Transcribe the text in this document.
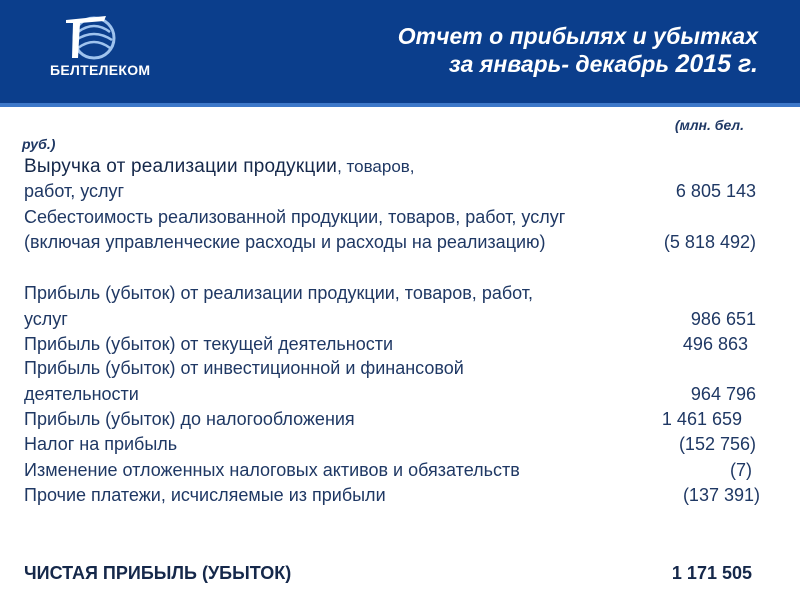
БЕЛТЕЛЕКОМ
Отчет о прибылях и убытках
за январь- декабрь 2015 г.
(млн. бел.
руб.)
Выручка от реализации продукции, товаров,
работ, услуг	6 805 143
Себестоимость реализованной продукции, товаров, работ, услуг
(включая управленческие расходы и расходы на реализацию)	(5 818 492)
Прибыль (убыток) от реализации продукции, товаров, работ,
услуг	986 651
Прибыль (убыток) от текущей деятельности	496 863
Прибыль (убыток) от инвестиционной и финансовой
деятельности	964 796
Прибыль (убыток) до налогообложения	1 461 659
Налог на прибыль	(152 756)
Изменение отложенных налоговых активов и обязательств	(7)
Прочие платежи, исчисляемые из прибыли	(137 391)
ЧИСТАЯ ПРИБЫЛЬ (УБЫТОК)	1 171 505
